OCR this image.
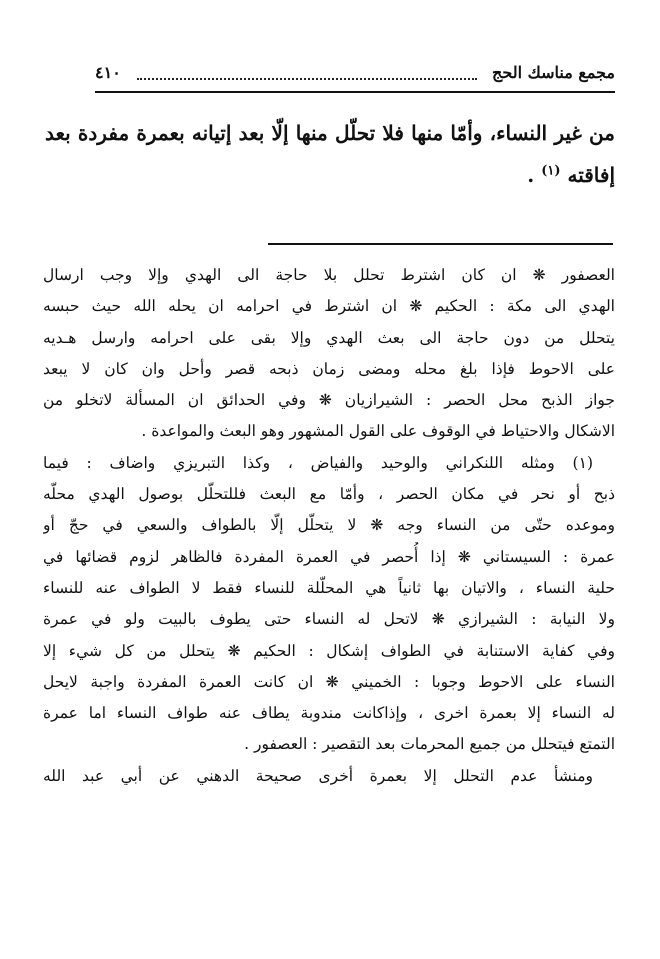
مجمع مناسك الحج
٤١٠
من غير النساء، وأمّا منها فلا تحلّل منها إلّا بعد إتيانه بعمرة مفردة بعد
إفاقته $^{(١)}$ .
العصفور ❋ ان كان اشترط تحلل بلا حاجة الى الهدي وإلا وجب ارسال
الهدي الى مكة : الحكيم ❋ ان اشترط في احرامه ان يحله الله حيث حبسه
يتحلل من دون حاجة الى بعث الهدي وإلا بقى على احرامه وارسل هـديه
على الاحوط فإذا بلغ محله ومضى زمان ذبحه قصر وأحل وان كان لا يبعد
جواز الذبح محل الحصر : الشيرازيان ❋ وفي الحدائق ان المسألة لاتخلو من
الاشكال والاحتياط في الوقوف على القول المشهور وهو البعث والمواعدة .
(١) ومثله اللنكراني والوحيد والفياض ، وكذا التبريزي واضاف : فيما
ذبح أو نحر في مكان الحصر ، وأمّا مع البعث فللتحلّل بوصول الهدي محلّه
وموعده حتّى من النساء وجه ❋ لا يتحلّل إلّا بالطواف والسعي في حجّ أو
عمرة : السيستاني ❋ إذا أُحصر في العمرة المفردة فالظاهر لزوم قضائها في
حلية النساء ، والاتيان بها ثانياً هي المحلّلة للنساء فقط لا الطواف عنه للنساء
ولا النيابة : الشيرازي ❋ لاتحل له النساء حتى يطوف بالبيت ولو في عمرة
وفي كفاية الاستنابة في الطواف إشكال : الحكيم ❋ يتحلل من كل شيء إلا
النساء على الاحوط وجوبا : الخميني ❋ ان كانت العمرة المفردة واجبة لايحل
له النساء إلا بعمرة اخرى ، وإذاكانت مندوبة يطاف عنه طواف النساء اما عمرة
التمتع فيتحلل من جميع المحرمات بعد التقصير : العصفور .
ومنشأ عدم التحلل إلا بعمرة أخرى صحيحة الدهني عن أبي عبد الله
